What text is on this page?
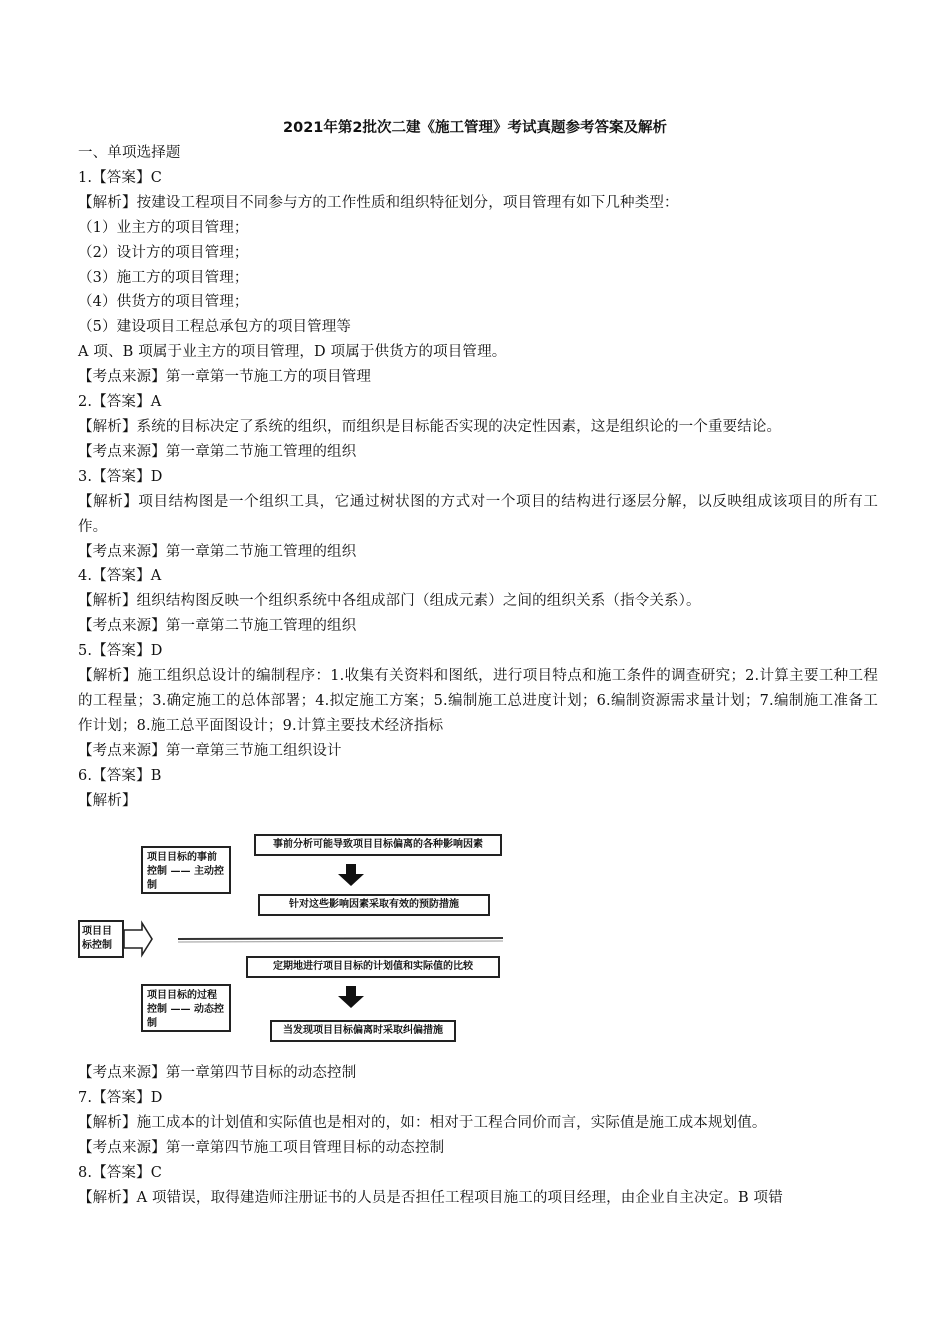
2021年第2批次二建《施工管理》考试真题参考答案及解析

一、单项选择题

1.【答案】C

【解析】按建设工程项目不同参与方的工作性质和组织特征划分，项目管理有如下几种类型：

（1）业主方的项目管理；

（2）设计方的项目管理；

（3）施工方的项目管理；

（4）供货方的项目管理；

（5）建设项目工程总承包方的项目管理等

A 项、B 项属于业主方的项目管理，D 项属于供货方的项目管理。

【考点来源】第一章第一节施工方的项目管理

2.【答案】A

【解析】系统的目标决定了系统的组织，而组织是目标能否实现的决定性因素，这是组织论的一个重要结论。

【考点来源】第一章第二节施工管理的组织

3.【答案】D

【解析】项目结构图是一个组织工具，它通过树状图的方式对一个项目的结构进行逐层分解，以反映组成该项目的所有工作。

【考点来源】第一章第二节施工管理的组织

4.【答案】A

【解析】组织结构图反映一个组织系统中各组成部门（组成元素）之间的组织关系（指令关系）。

【考点来源】第一章第二节施工管理的组织

5.【答案】D

【解析】施工组织总设计的编制程序：1.收集有关资料和图纸，进行项目特点和施工条件的调查研究；2.计算主要工种工程的工程量；3.确定施工的总体部署；4.拟定施工方案；5.编制施工总进度计划；6.编制资源需求量计划；7.编制施工准备工作计划；8.施工总平面图设计；9.计算主要技术经济指标

【考点来源】第一章第三节施工组织设计

6.【答案】B

【解析】

项目目标的事前控制 —— 主动控制
项目目标控制
项目目标的过程控制 —— 动态控制
事前分析可能导致项目目标偏离的各种影响因素
针对这些影响因素采取有效的预防措施
定期地进行项目目标的计划值和实际值的比较
当发现项目目标偏离时采取纠偏措施

【考点来源】第一章第四节目标的动态控制

7.【答案】D

【解析】施工成本的计划值和实际值也是相对的，如：相对于工程合同价而言，实际值是施工成本规划值。

【考点来源】第一章第四节施工项目管理目标的动态控制

8.【答案】C

【解析】A 项错误，取得建造师注册证书的人员是否担任工程项目施工的项目经理，由企业自主决定。B 项错
